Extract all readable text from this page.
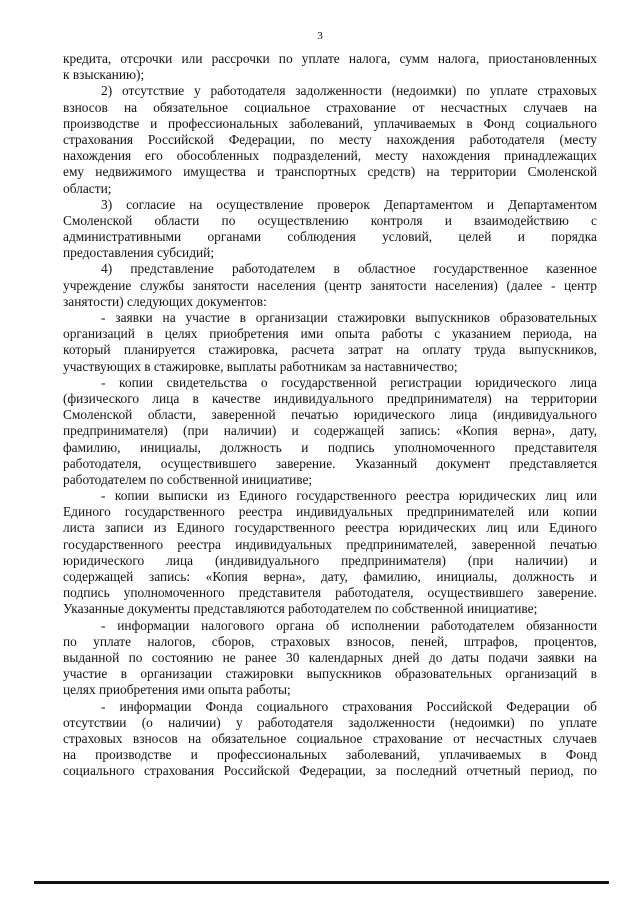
3
кредита, отсрочки или рассрочки по уплате налога, сумм налога, приостановленных
к взысканию);
2) отсутствие у работодателя задолженности (недоимки) по уплате страховых
взносов на обязательное социальное страхование от несчастных случаев на
производстве и профессиональных заболеваний, уплачиваемых в Фонд социального
страхования Российской Федерации, по месту нахождения работодателя (месту
нахождения его обособленных подразделений, месту нахождения принадлежащих
ему недвижимого имущества и транспортных средств) на территории Смоленской
области;
3) согласие на осуществление проверок Департаментом и Департаментом
Смоленской области по осуществлению контроля и взаимодействию с
административными органами соблюдения условий, целей и порядка
предоставления субсидий;
4) представление работодателем в областное государственное казенное
учреждение службы занятости населения (центр занятости населения) (далее - центр
занятости) следующих документов:
- заявки на участие в организации стажировки выпускников образовательных
организаций в целях приобретения ими опыта работы с указанием периода, на
который планируется стажировка, расчета затрат на оплату труда выпускников,
участвующих в стажировке, выплаты работникам за наставничество;
- копии свидетельства о государственной регистрации юридического лица
(физического лица в качестве индивидуального предпринимателя) на территории
Смоленской области, заверенной печатью юридического лица (индивидуального
предпринимателя) (при наличии) и содержащей запись: «Копия верна», дату,
фамилию, инициалы, должность и подпись уполномоченного представителя
работодателя, осуществившего заверение. Указанный документ представляется
работодателем по собственной инициативе;
- копии выписки из Единого государственного реестра юридических лиц или
Единого государственного реестра индивидуальных предпринимателей или копии
листа записи из Единого государственного реестра юридических лиц или Единого
государственного реестра индивидуальных предпринимателей, заверенной печатью
юридического лица (индивидуального предпринимателя) (при наличии) и
содержащей запись: «Копия верна», дату, фамилию, инициалы, должность и
подпись уполномоченного представителя работодателя, осуществившего заверение.
Указанные документы представляются работодателем по собственной инициативе;
- информации налогового органа об исполнении работодателем обязанности
по уплате налогов, сборов, страховых взносов, пеней, штрафов, процентов,
выданной по состоянию не ранее 30 календарных дней до даты подачи заявки на
участие в организации стажировки выпускников образовательных организаций в
целях приобретения ими опыта работы;
- информации Фонда социального страхования Российской Федерации об
отсутствии (о наличии) у работодателя задолженности (недоимки) по уплате
страховых взносов на обязательное социальное страхование от несчастных случаев
на производстве и профессиональных заболеваний, уплачиваемых в Фонд
социального страхования Российской Федерации, за последний отчетный период, по
